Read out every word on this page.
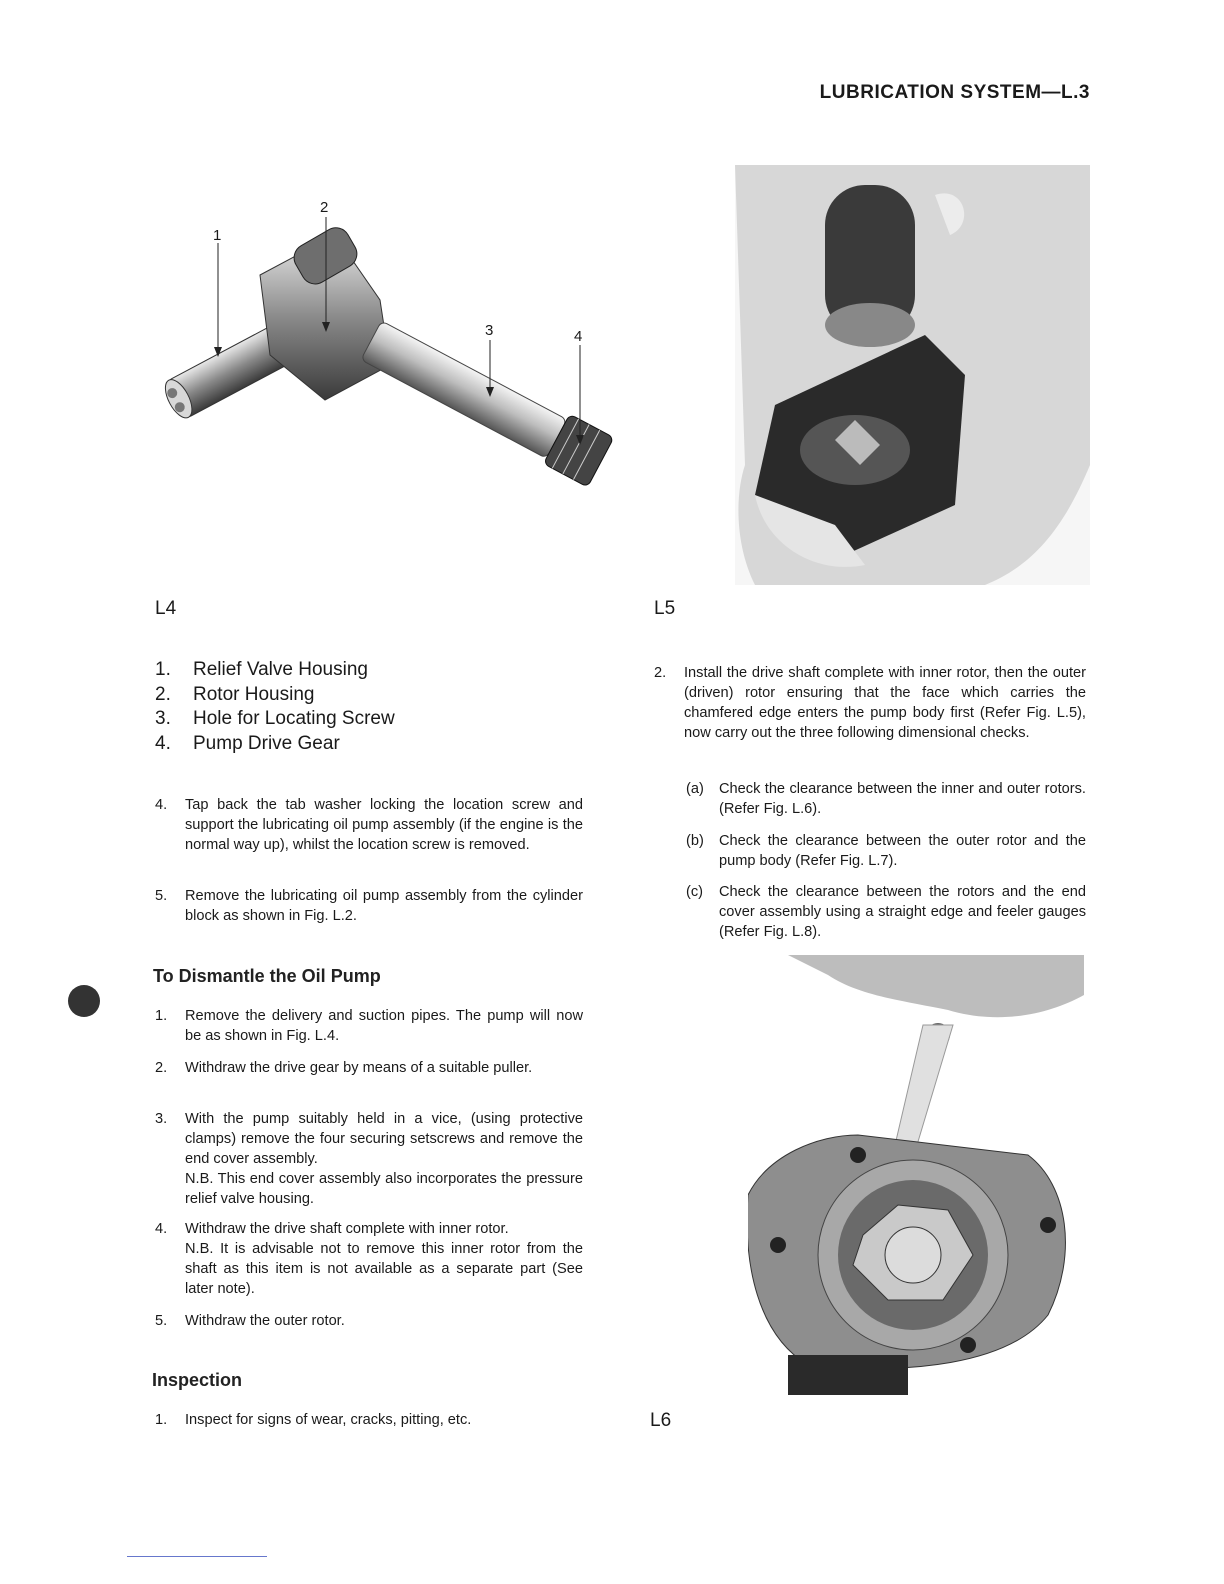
LUBRICATION SYSTEM—L.3
1
2
3	4
L4	L5
1.	Relief Valve Housing
2.	Rotor Housing
3.	Hole for Locating Screw
4.	Pump Drive Gear
4.	Tap back the tab washer locking the location screw and support the lubricating oil pump assembly (if the engine is the normal way up), whilst the location screw is removed.
5.	Remove the lubricating oil pump assembly from the cylinder block as shown in Fig. L.2.
To Dismantle the Oil Pump
1.	Remove the delivery and suction pipes. The pump will now be as shown in Fig. L.4.
2.	Withdraw the drive gear by means of a suitable puller.
3.	With the pump suitably held in a vice, (using protective clamps) remove the four securing setscrews and remove the end cover assembly.
N.B. This end cover assembly also incorporates the pressure relief valve housing.
4.	Withdraw the drive shaft complete with inner rotor.
N.B. It is advisable not to remove this inner rotor from the shaft as this item is not available as a separate part (See later note).
5.	Withdraw the outer rotor.
Inspection
1.	Inspect for signs of wear, cracks, pitting, etc.
2.	Install the drive shaft complete with inner rotor, then the outer (driven) rotor ensuring that the face which carries the chamfered edge enters the pump body first (Refer Fig. L.5), now carry out the three following dimensional checks.
(a)	Check the clearance between the inner and outer rotors. (Refer Fig. L.6).
(b)	Check the clearance between the outer rotor and the pump body (Refer Fig. L.7).
(c)	Check the clearance between the rotors and the end cover assembly using a straight edge and feeler gauges (Refer Fig. L.8).
L6
